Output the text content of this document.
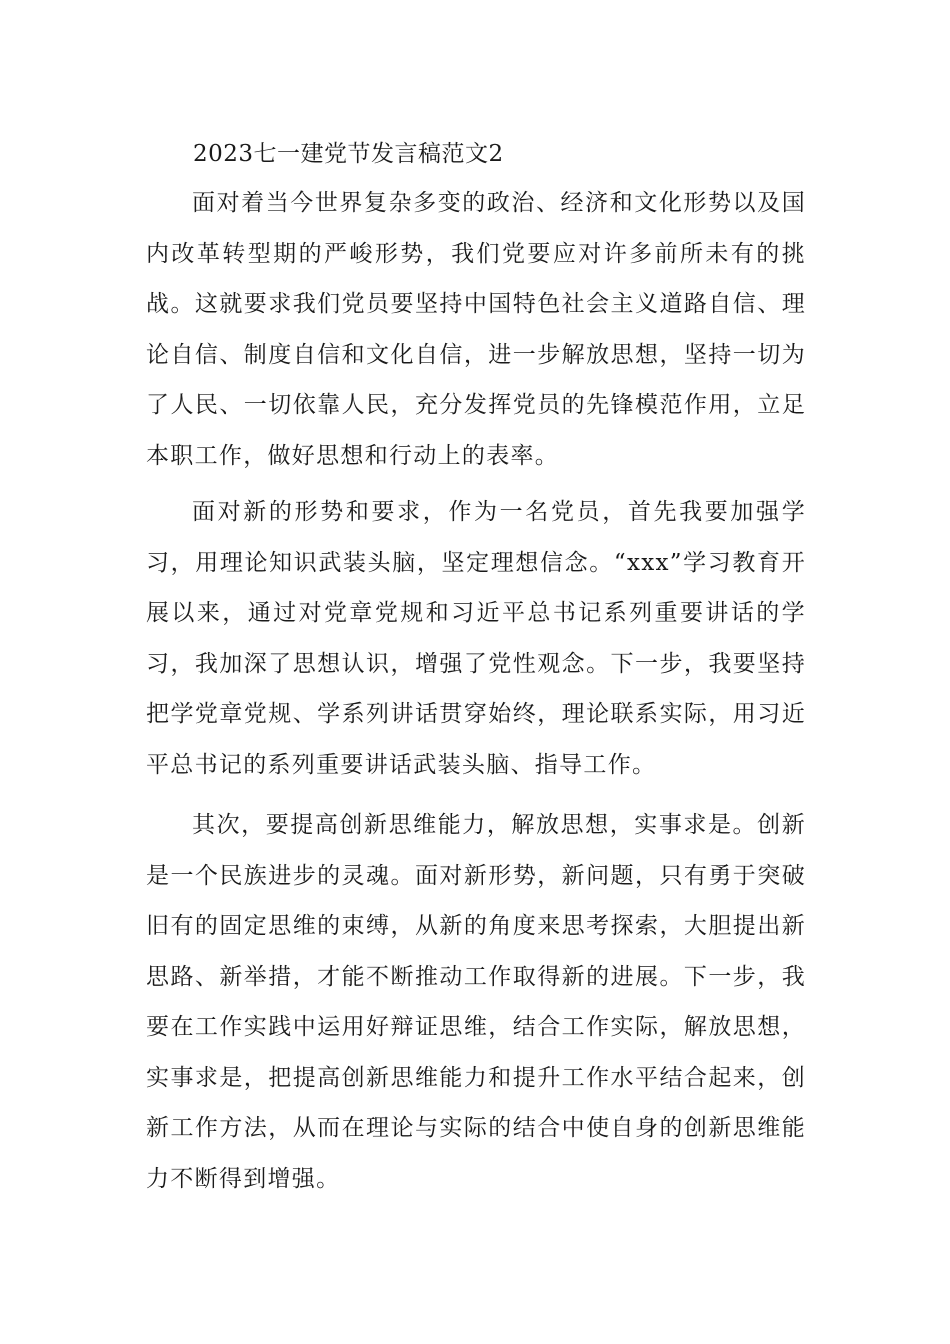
2023七一建党节发言稿范文2

面对着当今世界复杂多变的政治、经济和文化形势以及国内改革转型期的严峻形势，我们党要应对许多前所未有的挑战。这就要求我们党员要坚持中国特色社会主义道路自信、理论自信、制度自信和文化自信，进一步解放思想，坚持一切为了人民、一切依靠人民，充分发挥党员的先锋模范作用，立足本职工作，做好思想和行动上的表率。

面对新的形势和要求，作为一名党员，首先我要加强学习，用理论知识武装头脑，坚定理想信念。“xxx”学习教育开展以来，通过对党章党规和习近平总书记系列重要讲话的学习，我加深了思想认识，增强了党性观念。下一步，我要坚持把学党章党规、学系列讲话贯穿始终，理论联系实际，用习近平总书记的系列重要讲话武装头脑、指导工作。

其次，要提高创新思维能力，解放思想，实事求是。创新是一个民族进步的灵魂。面对新形势，新问题，只有勇于突破旧有的固定思维的束缚，从新的角度来思考探索，大胆提出新思路、新举措，才能不断推动工作取得新的进展。下一步，我要在工作实践中运用好辩证思维，结合工作实际，解放思想，实事求是，把提高创新思维能力和提升工作水平结合起来，创新工作方法，从而在理论与实际的结合中使自身的创新思维能力不断得到增强。
